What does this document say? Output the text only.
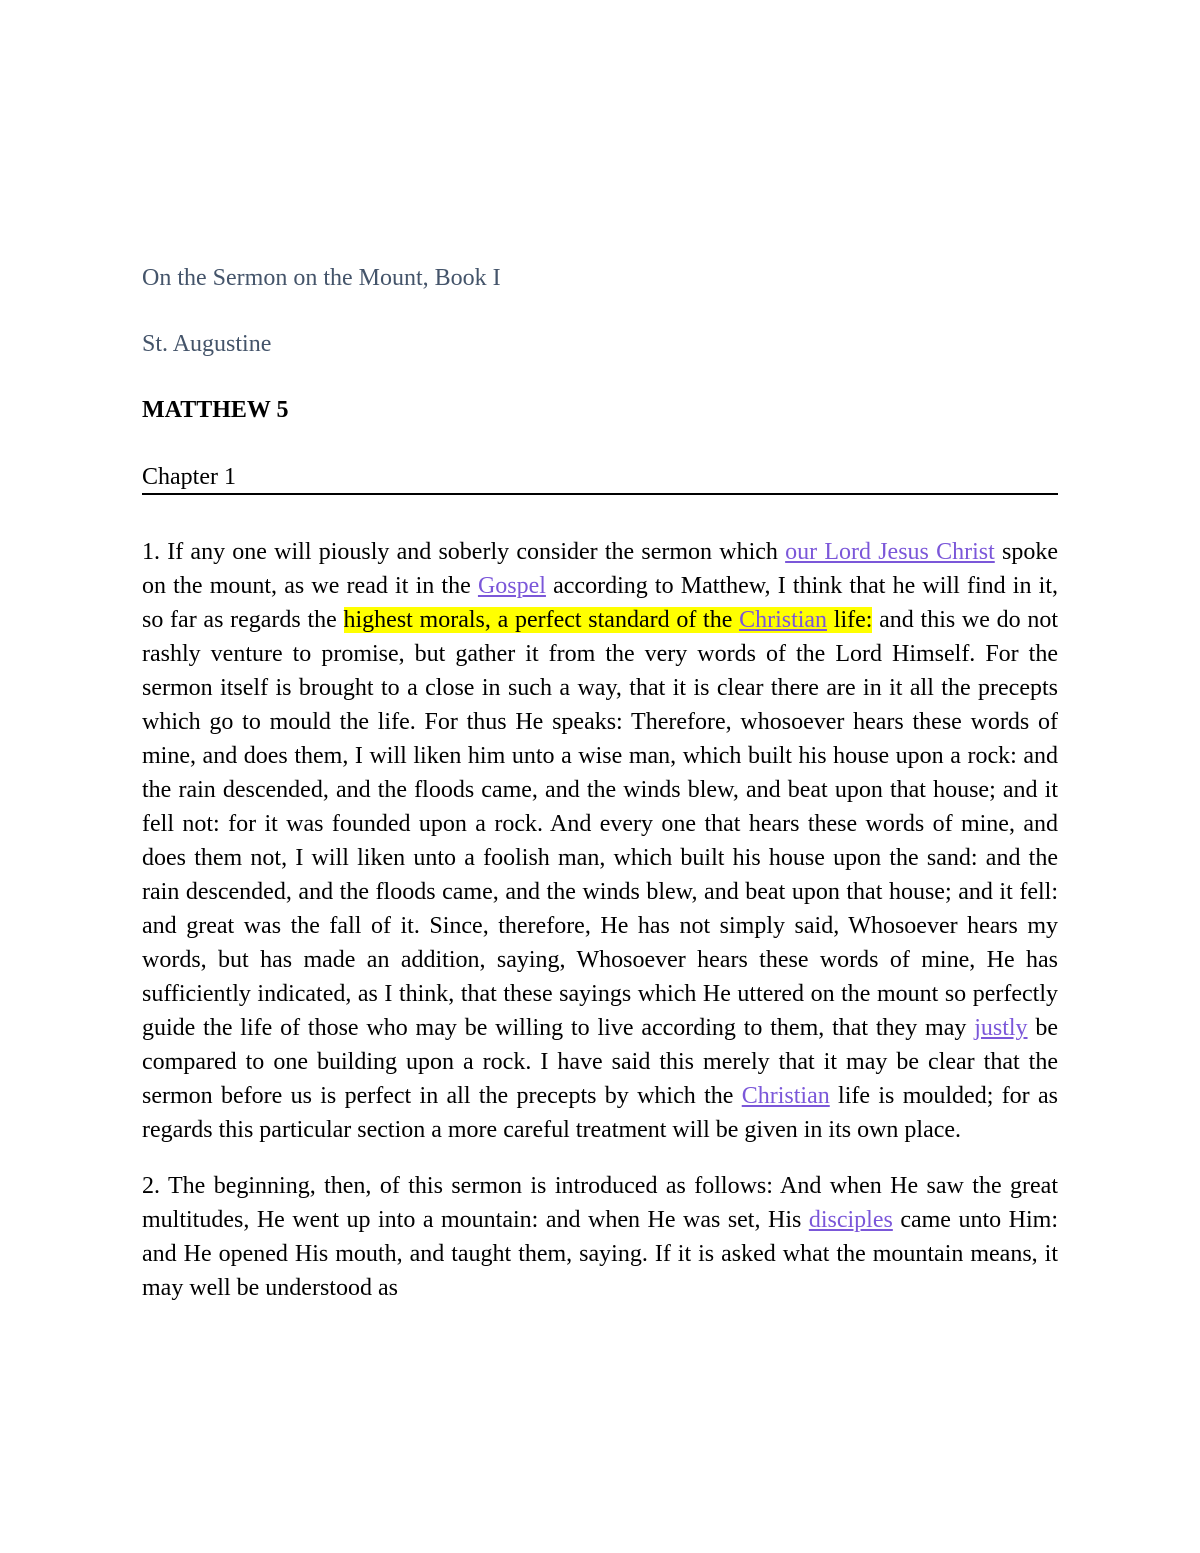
On the Sermon on the Mount, Book I
St. Augustine
MATTHEW 5
Chapter 1

1. If any one will piously and soberly consider the sermon which our Lord Jesus Christ spoke on the mount, as we read it in the Gospel according to Matthew, I think that he will find in it, so far as regards the highest morals, a perfect standard of the Christian life: and this we do not rashly venture to promise, but gather it from the very words of the Lord Himself. For the sermon itself is brought to a close in such a way, that it is clear there are in it all the precepts which go to mould the life. For thus He speaks: Therefore, whosoever hears these words of mine, and does them, I will liken him unto a wise man, which built his house upon a rock: and the rain descended, and the floods came, and the winds blew, and beat upon that house; and it fell not: for it was founded upon a rock. And every one that hears these words of mine, and does them not, I will liken unto a foolish man, which built his house upon the sand: and the rain descended, and the floods came, and the winds blew, and beat upon that house; and it fell: and great was the fall of it. Since, therefore, He has not simply said, Whosoever hears my words, but has made an addition, saying, Whosoever hears these words of mine, He has sufficiently indicated, as I think, that these sayings which He uttered on the mount so perfectly guide the life of those who may be willing to live according to them, that they may justly be compared to one building upon a rock. I have said this merely that it may be clear that the sermon before us is perfect in all the precepts by which the Christian life is moulded; for as regards this particular section a more careful treatment will be given in its own place.

2. The beginning, then, of this sermon is introduced as follows: And when He saw the great multitudes, He went up into a mountain: and when He was set, His disciples came unto Him: and He opened His mouth, and taught them, saying. If it is asked what the mountain means, it may well be understood as
